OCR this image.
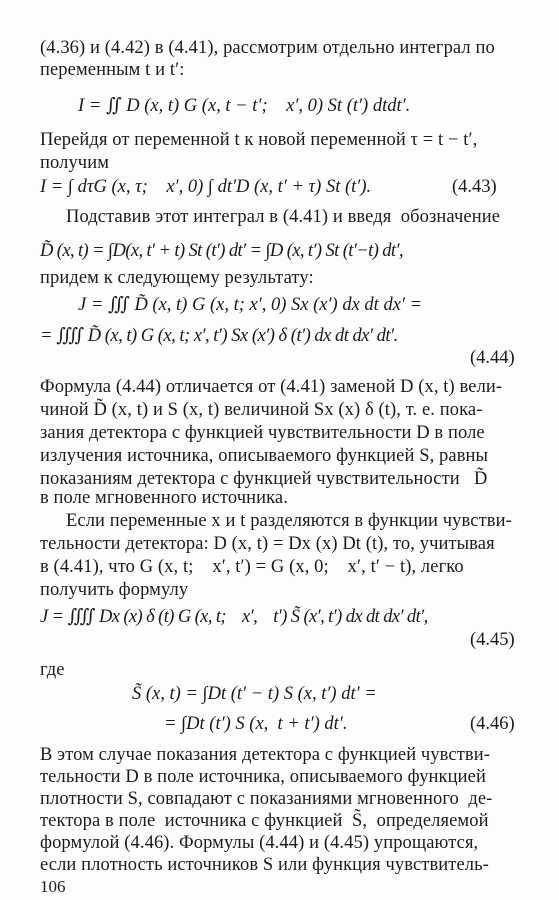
(4.36) и (4.42) в (4.41), рассмотрим отдельно интеграл по
переменным t и t′:
I = ∬ D (x, t) G (x, t − t′;    x′, 0) St (t′) dtdt′.
Перейдя от переменной t к новой переменной τ = t − t′,
получим
I = ∫ dτG (x, τ;    x′, 0) ∫ dt′D (x, t′ + τ) St (t′).	(4.43)
Подставив этот интеграл в (4.41) и введя  обозначение
D̃ (x, t) = ∫D(x, t′ + t) St (t′) dt′ = ∫D (x, t′) St (t′−t) dt′,
придем к следующему результату:
J = ∭ D̃ (x, t) G (x, t; x′, 0) Sx (x′) dx dt dx′ =
= ⨌ D̃ (x, t) G (x, t; x′, t′) Sx (x′) δ (t′) dx dt dx′ dt′.
(4.44)
Формула (4.44) отличается от (4.41) заменой D (x, t) вели-
чиной D̃ (x, t) и S (x, t) величиной Sx (x) δ (t), т. е. пока-
зания детектора с функцией чувствительности D в поле
излучения источника, описываемого функцией S, равны
показаниям детектора с функцией чувствительности   D̃
в поле мгновенного источника.
Если переменные x и t разделяются в функции чувстви-
тельности детектора: D (x, t) = Dx (x) Dt (t), то, учитывая
в (4.41), что G (x, t;    x′, t′) = G (x, 0;    x′, t′ − t), легко
получить формулу
J = ⨌ Dx (x) δ (t) G (x, t;    x′,    t′) S̃ (x′, t′) dx dt dx′ dt′,
(4.45)
где
S̃ (x, t) = ∫Dt (t′ − t) S (x, t′) dt′ =
= ∫Dt (t′) S (x,  t + t′) dt′.	(4.46)
В этом случае показания детектора с функцией чувстви-
тельности D в поле источника, описываемого функцией
плотности S, совпадают с показаниями мгновенного  де-
тектора в поле  источника с функцией  S̃,  определяемой
формулой (4.46). Формулы (4.44) и (4.45) упрощаются,
если плотность источников S или функция чувствитель-
106
